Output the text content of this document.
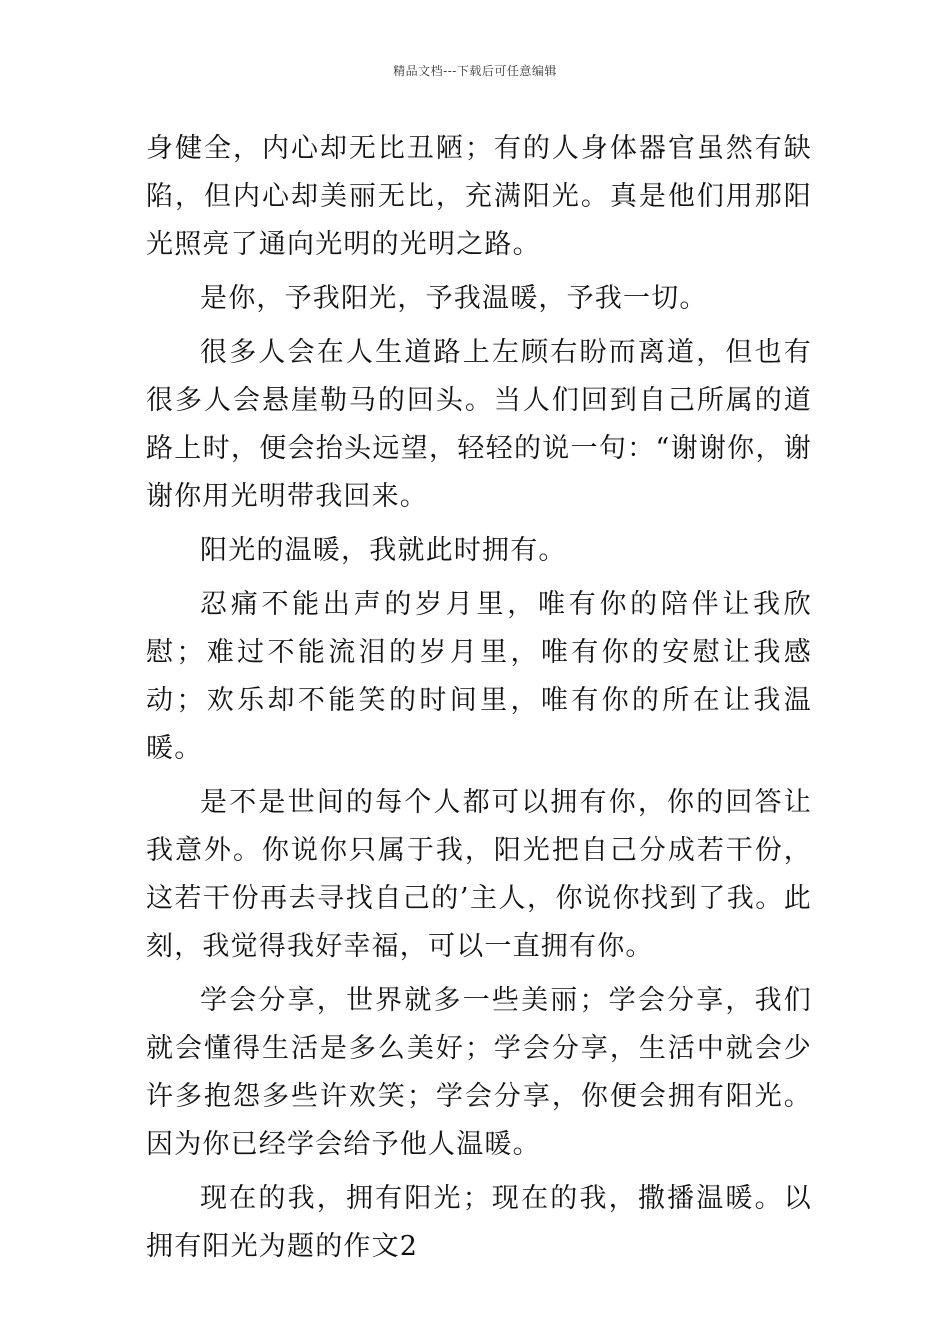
精品文档---下载后可任意编辑

身健全，内心却无比丑陋；有的人身体器官虽然有缺陷，但内心却美丽无比，充满阳光。真是他们用那阳光照亮了通向光明的光明之路。

是你，予我阳光，予我温暖，予我一切。

很多人会在人生道路上左顾右盼而离道，但也有很多人会悬崖勒马的回头。当人们回到自己所属的道路上时，便会抬头远望，轻轻的说一句：“谢谢你，谢谢你用光明带我回来。

阳光的温暖，我就此时拥有。

忍痛不能出声的岁月里，唯有你的陪伴让我欣慰；难过不能流泪的岁月里，唯有你的安慰让我感动；欢乐却不能笑的时间里，唯有你的所在让我温暖。

是不是世间的每个人都可以拥有你，你的回答让我意外。你说你只属于我，阳光把自己分成若干份，这若干份再去寻找自己的’主人，你说你找到了我。此刻，我觉得我好幸福，可以一直拥有你。

学会分享，世界就多一些美丽；学会分享，我们就会懂得生活是多么美好；学会分享，生活中就会少许多抱怨多些许欢笑；学会分享，你便会拥有阳光。因为你已经学会给予他人温暖。

现在的我，拥有阳光；现在的我，撒播温暖。以拥有阳光为题的作文2
